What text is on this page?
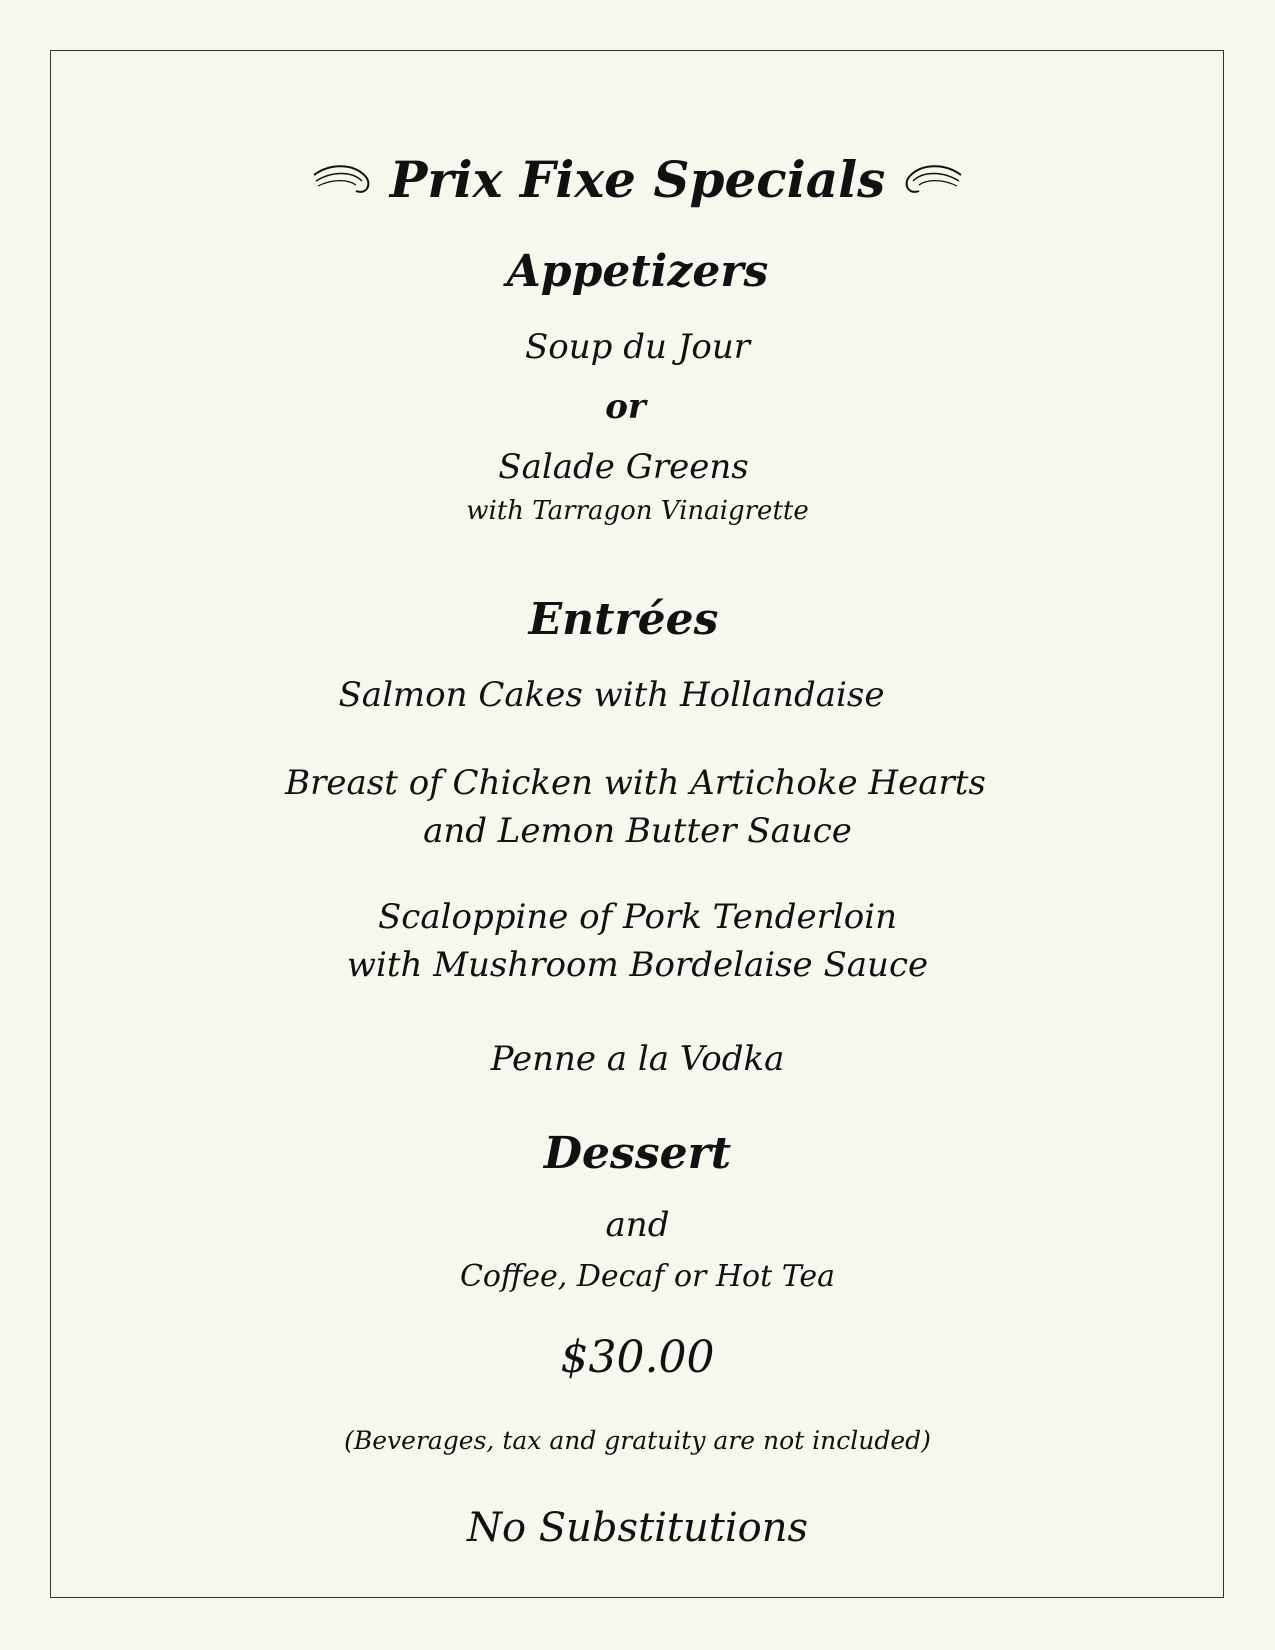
Prix Fixe Specials
Appetizers
Soup du Jour
or
Salade Greens
with Tarragon Vinaigrette
Entrées
Salmon Cakes with Hollandaise
Breast of Chicken with Artichoke Hearts
and Lemon Butter Sauce
Scaloppine of Pork Tenderloin
with Mushroom Bordelaise Sauce
Penne a la Vodka
Dessert
and
Coffee, Decaf or Hot Tea
$30.00
(Beverages, tax and gratuity are not included)
No Substitutions
